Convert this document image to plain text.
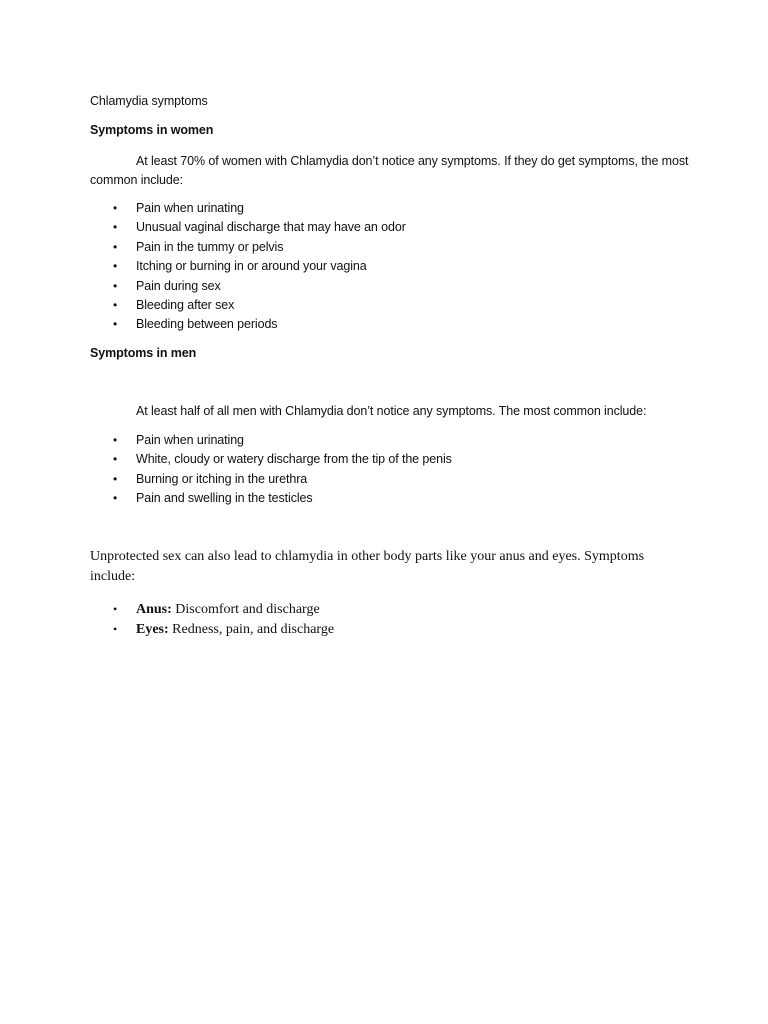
Chlamydia symptoms
Symptoms in women
At least 70% of women with Chlamydia don’t notice any symptoms. If they do get symptoms, the most common include:
• Pain when urinating
• Unusual vaginal discharge that may have an odor
• Pain in the tummy or pelvis
• Itching or burning in or around your vagina
• Pain during sex
• Bleeding after sex
• Bleeding between periods
Symptoms in men
At least half of all men with Chlamydia don’t notice any symptoms. The most common include:
• Pain when urinating
• White, cloudy or watery discharge from the tip of the penis
• Burning or itching in the urethra
• Pain and swelling in the testicles
Unprotected sex can also lead to chlamydia in other body parts like your anus and eyes. Symptoms include:
• Anus: Discomfort and discharge
• Eyes: Redness, pain, and discharge
